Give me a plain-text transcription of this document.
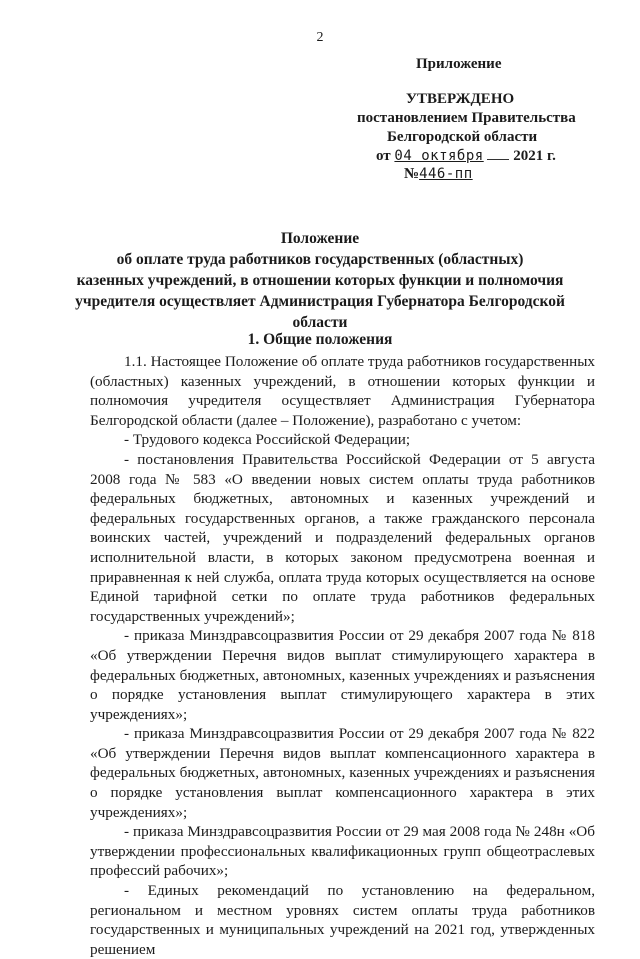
2
Приложение
УТВЕРЖДЕНО
постановлением Правительства
Белгородской области
от 04 октября 2021 г.
№446-пп
Положение
об оплате труда работников государственных (областных)
казенных учреждений, в отношении которых функции и полномочия
учредителя осуществляет Администрация Губернатора Белгородской
области
1. Общие положения

1.1. Настоящее Положение об оплате труда работников государственных (областных) казенных учреждений, в отношении которых функции и полномочия учредителя осуществляет Администрация Губернатора Белгородской области (далее – Положение), разработано с учетом:

- Трудового кодекса Российской Федерации;

- постановления Правительства Российской Федерации от 5 августа 2008 года № 583 «О введении новых систем оплаты труда работников федеральных бюджетных, автономных и казенных учреждений и федеральных государственных органов, а также гражданского персонала воинских частей, учреждений и подразделений федеральных органов исполнительной власти, в которых законом предусмотрена военная и приравненная к ней служба, оплата труда которых осуществляется на основе Единой тарифной сетки по оплате труда работников федеральных государственных учреждений»;

- приказа Минздравсоцразвития России от 29 декабря 2007 года № 818 «Об утверждении Перечня видов выплат стимулирующего характера в федеральных бюджетных, автономных, казенных учреждениях и разъяснения о порядке установления выплат стимулирующего характера в этих учреждениях»;

- приказа Минздравсоцразвития России от 29 декабря 2007 года № 822 «Об утверждении Перечня видов выплат компенсационного характера в федеральных бюджетных, автономных, казенных учреждениях и разъяснения о порядке установления выплат компенсационного характера в этих учреждениях»;

- приказа Минздравсоцразвития России от 29 мая 2008 года № 248н «Об утверждении профессиональных квалификационных групп общеотраслевых профессий рабочих»;

- Единых рекомендаций по установлению на федеральном, региональном и местном уровнях систем оплаты труда работников государственных и муниципальных учреждений на 2021 год, утвержденных решением
